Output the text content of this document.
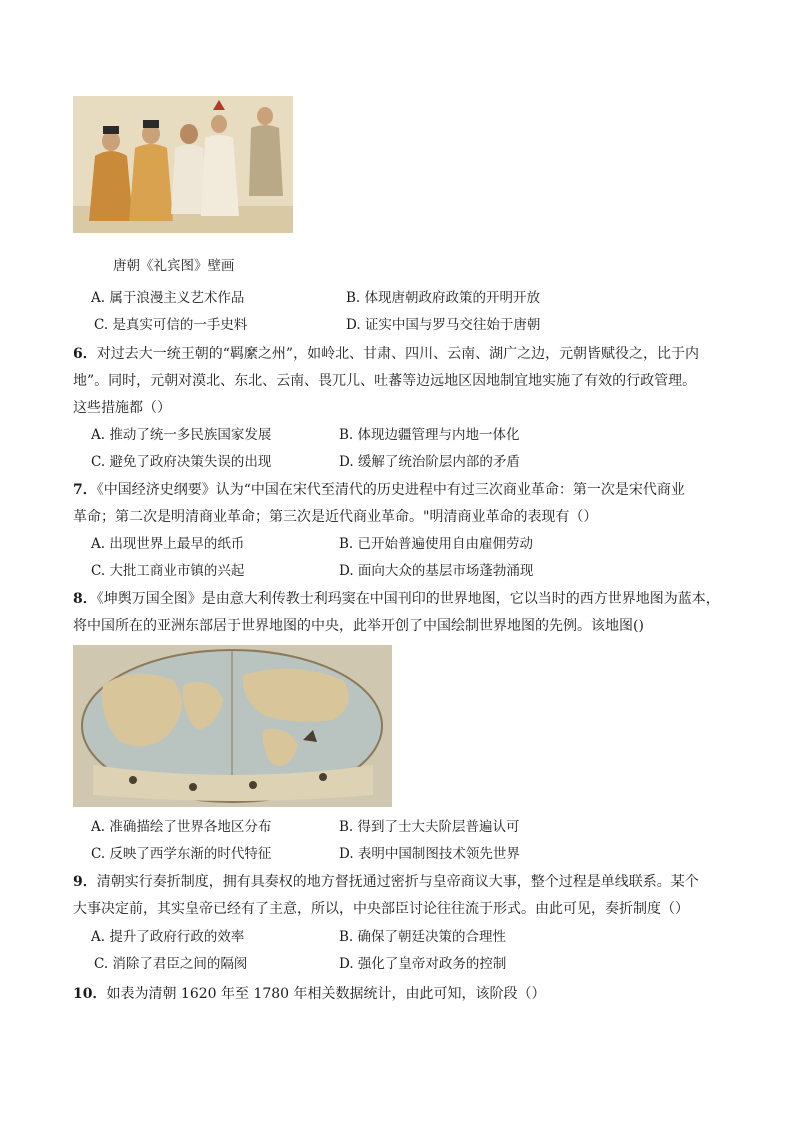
唐朝《礼宾图》壁画
A. 属于浪漫主义艺术作品	B. 体现唐朝政府政策的开明开放
C. 是真实可信的一手史料	D. 证实中国与罗马交往始于唐朝
6．对过去大一统王朝的“羁縻之州”，如岭北、甘肃、四川、云南、湖广之边，元朝皆赋役之，比于内
地”。同时，元朝对漠北、东北、云南、畏兀儿、吐蕃等边远地区因地制宜地实施了有效的行政管理。
这些措施都（）
A. 推动了统一多民族国家发展	B. 体现边疆管理与内地一体化
C. 避免了政府决策失误的出现	D. 缓解了统治阶层内部的矛盾
7．《中国经济史纲要》认为“中国在宋代至清代的历史进程中有过三次商业革命：第一次是宋代商业
革命；第二次是明清商业革命；第三次是近代商业革命。"明清商业革命的表现有（）
A. 出现世界上最早的纸币	B. 已开始普遍使用自由雇佣劳动
C. 大批工商业市镇的兴起	D. 面向大众的基层市场蓬勃涌现
8．《坤舆万国全图》是由意大利传教士利玛窦在中国刊印的世界地图，它以当时的西方世界地图为蓝本，
将中国所在的亚洲东部居于世界地图的中央，此举开创了中国绘制世界地图的先例。该地图()
A. 准确描绘了世界各地区分布	B. 得到了士大夫阶层普遍认可
C. 反映了西学东渐的时代特征	D. 表明中国制图技术领先世界
9．清朝实行奏折制度，拥有具奏权的地方督抚通过密折与皇帝商议大事，整个过程是单线联系。某个
大事决定前，其实皇帝已经有了主意，所以，中央部臣讨论往往流于形式。由此可见，奏折制度（）
A. 提升了政府行政的效率	B. 确保了朝廷决策的合理性
C. 消除了君臣之间的隔阂	D. 强化了皇帝对政务的控制
10．如表为清朝 1620 年至 1780 年相关数据统计，由此可知，该阶段（）
